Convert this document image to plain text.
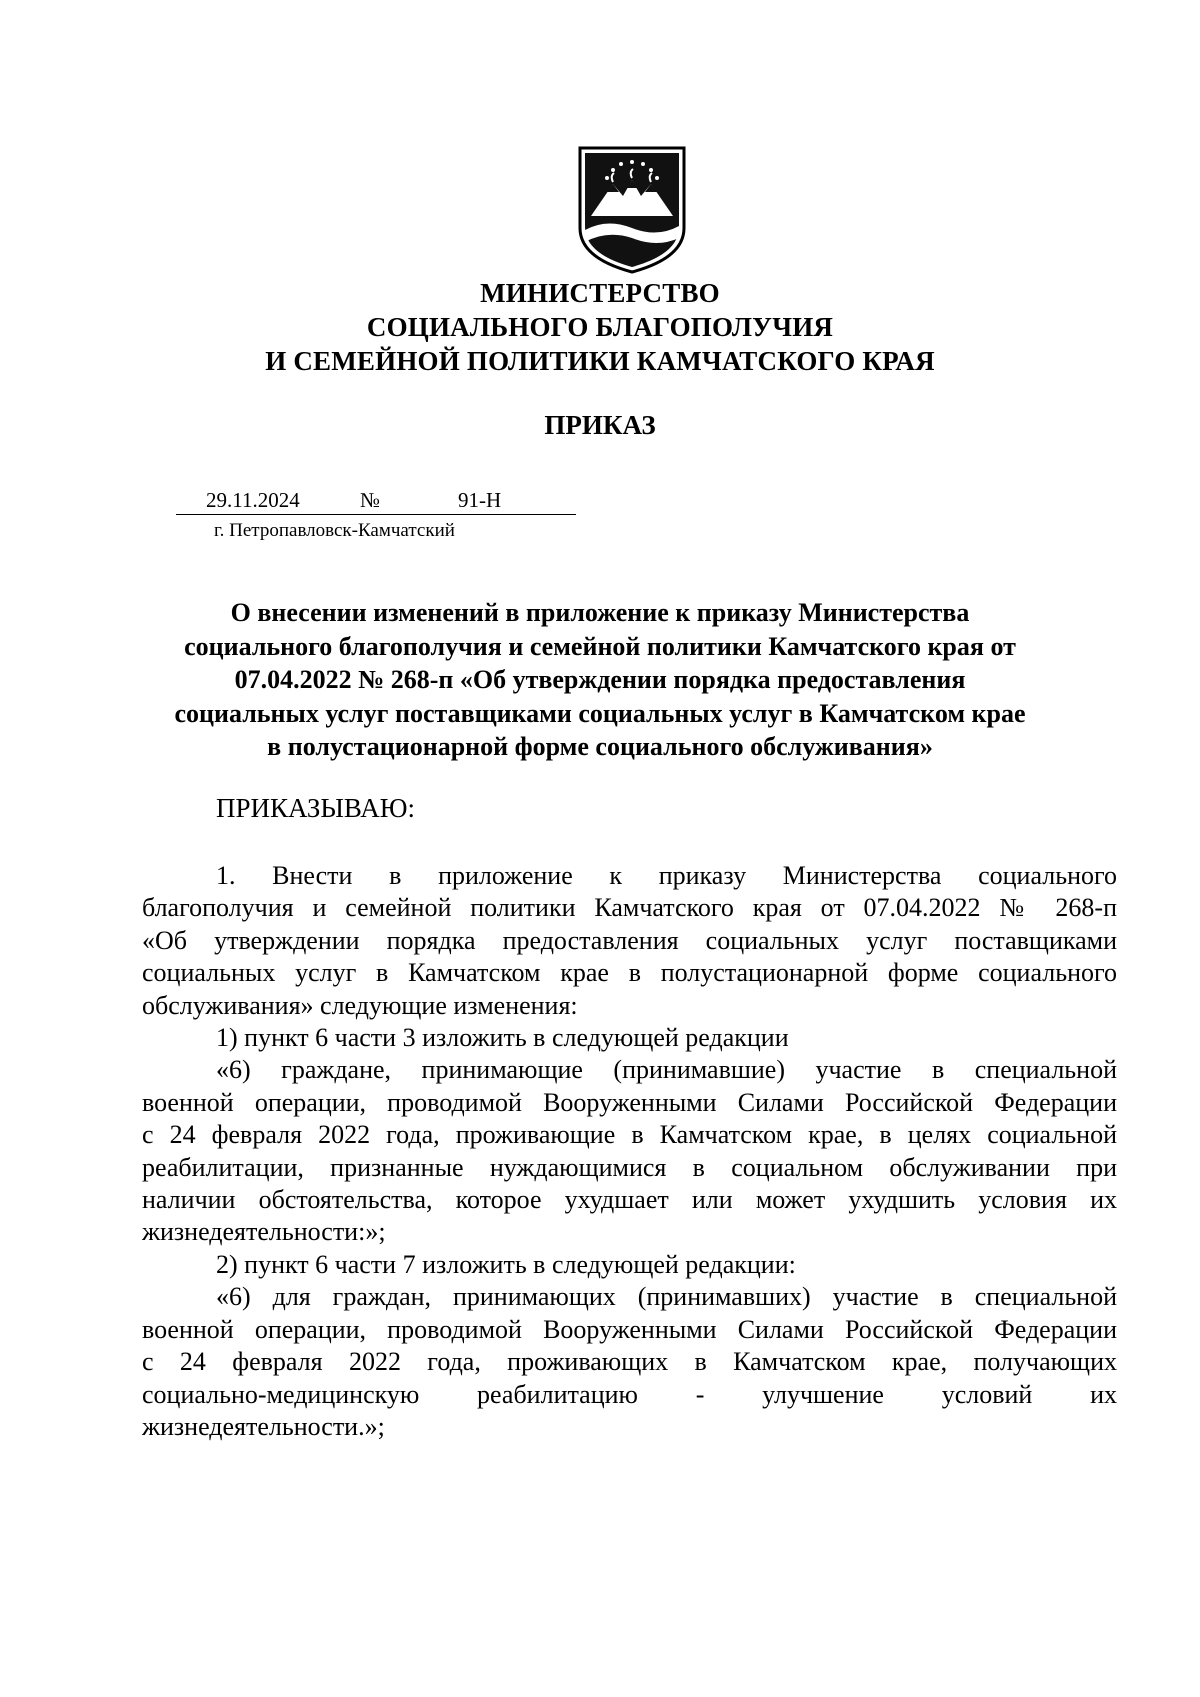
МИНИСТЕРСТВО
СОЦИАЛЬНОГО БЛАГОПОЛУЧИЯ
И СЕМЕЙНОЙ ПОЛИТИКИ КАМЧАТСКОГО КРАЯ
ПРИКАЗ
29.11.2024	№	91-Н
г. Петропавловск-Камчатский
О внесении изменений в приложение к приказу Министерства
социального благополучия и семейной политики Камчатского края от
07.04.2022 № 268-п «Об утверждении порядка предоставления
социальных услуг поставщиками социальных услуг в Камчатском крае
в полустационарной форме социального обслуживания»
ПРИКАЗЫВАЮ:
1. Внести в приложение к приказу Министерства социального
благополучия и семейной политики Камчатского края от 07.04.2022 № 268-п
«Об утверждении порядка предоставления социальных услуг поставщиками
социальных услуг в Камчатском крае в полустационарной форме социального
обслуживания» следующие изменения:
1) пункт 6 части 3 изложить в следующей редакции
«6) граждане, принимающие (принимавшие) участие в специальной
военной операции, проводимой Вооруженными Силами Российской Федерации
с 24 февраля 2022 года, проживающие в Камчатском крае, в целях социальной
реабилитации, признанные нуждающимися в социальном обслуживании при
наличии обстоятельства, которое ухудшает или может ухудшить условия их
жизнедеятельности:»;
2) пункт 6 части 7 изложить в следующей редакции:
«6) для граждан, принимающих (принимавших) участие в специальной
военной операции, проводимой Вооруженными Силами Российской Федерации
с 24 февраля 2022 года, проживающих в Камчатском крае, получающих
социально-медицинскую реабилитацию - улучшение условий их
жизнедеятельности.»;
